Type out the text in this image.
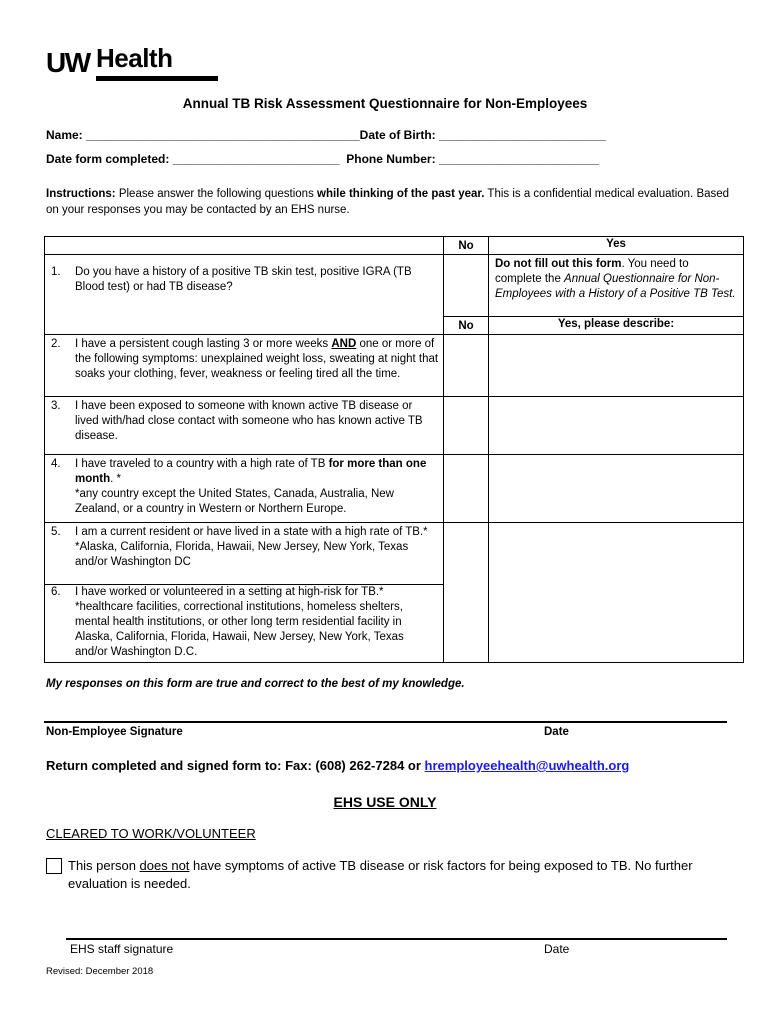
UW Health
Annual TB Risk Assessment Questionnaire for Non-Employees
Name: _________________________________________Date of Birth: _________________________
Date form completed: _________________________ Phone Number: ________________________
Instructions: Please answer the following questions while thinking of the past year. This is a confidential medical evaluation. Based on your responses you may be contacted by an EHS nurse.
	No	Yes

1. Do you have a history of a positive TB skin test, positive IGRA (TB Blood test) or had TB disease?		Do not fill out this form. You need to complete the Annual Questionnaire for Non-Employees with a History of a Positive TB Test.
	No	Yes, please describe:

2. I have a persistent cough lasting 3 or more weeks AND one or more of the following symptoms: unexplained weight loss, sweating at night that soaks your clothing, fever, weakness or feeling tired all the time.		

3. I have been exposed to someone with known active TB disease or lived with/had close contact with someone who has known active TB disease.		

4. I have traveled to a country with a high rate of TB for more than one month. *
*any country except the United States, Canada, Australia, New Zealand, or a country in Western or Northern Europe.		

5. I am a current resident or have lived in a state with a high rate of TB.*
*Alaska, California, Florida, Hawaii, New Jersey, New York, Texas and/or Washington DC		

6. I have worked or volunteered in a setting at high-risk for TB.*
*healthcare facilities, correctional institutions, homeless shelters, mental health institutions, or other long term residential facility in Alaska, California, Florida, Hawaii, New Jersey, New York, Texas and/or Washington D.C.		
My responses on this form are true and correct to the best of my knowledge.
Non-Employee Signature	Date
Return completed and signed form to: Fax: (608) 262-7284 or hremployeehealth@uwhealth.org
EHS USE ONLY
CLEARED TO WORK/VOLUNTEER
This person does not have symptoms of active TB disease or risk factors for being exposed to TB. No further evaluation is needed.
EHS staff signature	Date
Revised: December 2018
